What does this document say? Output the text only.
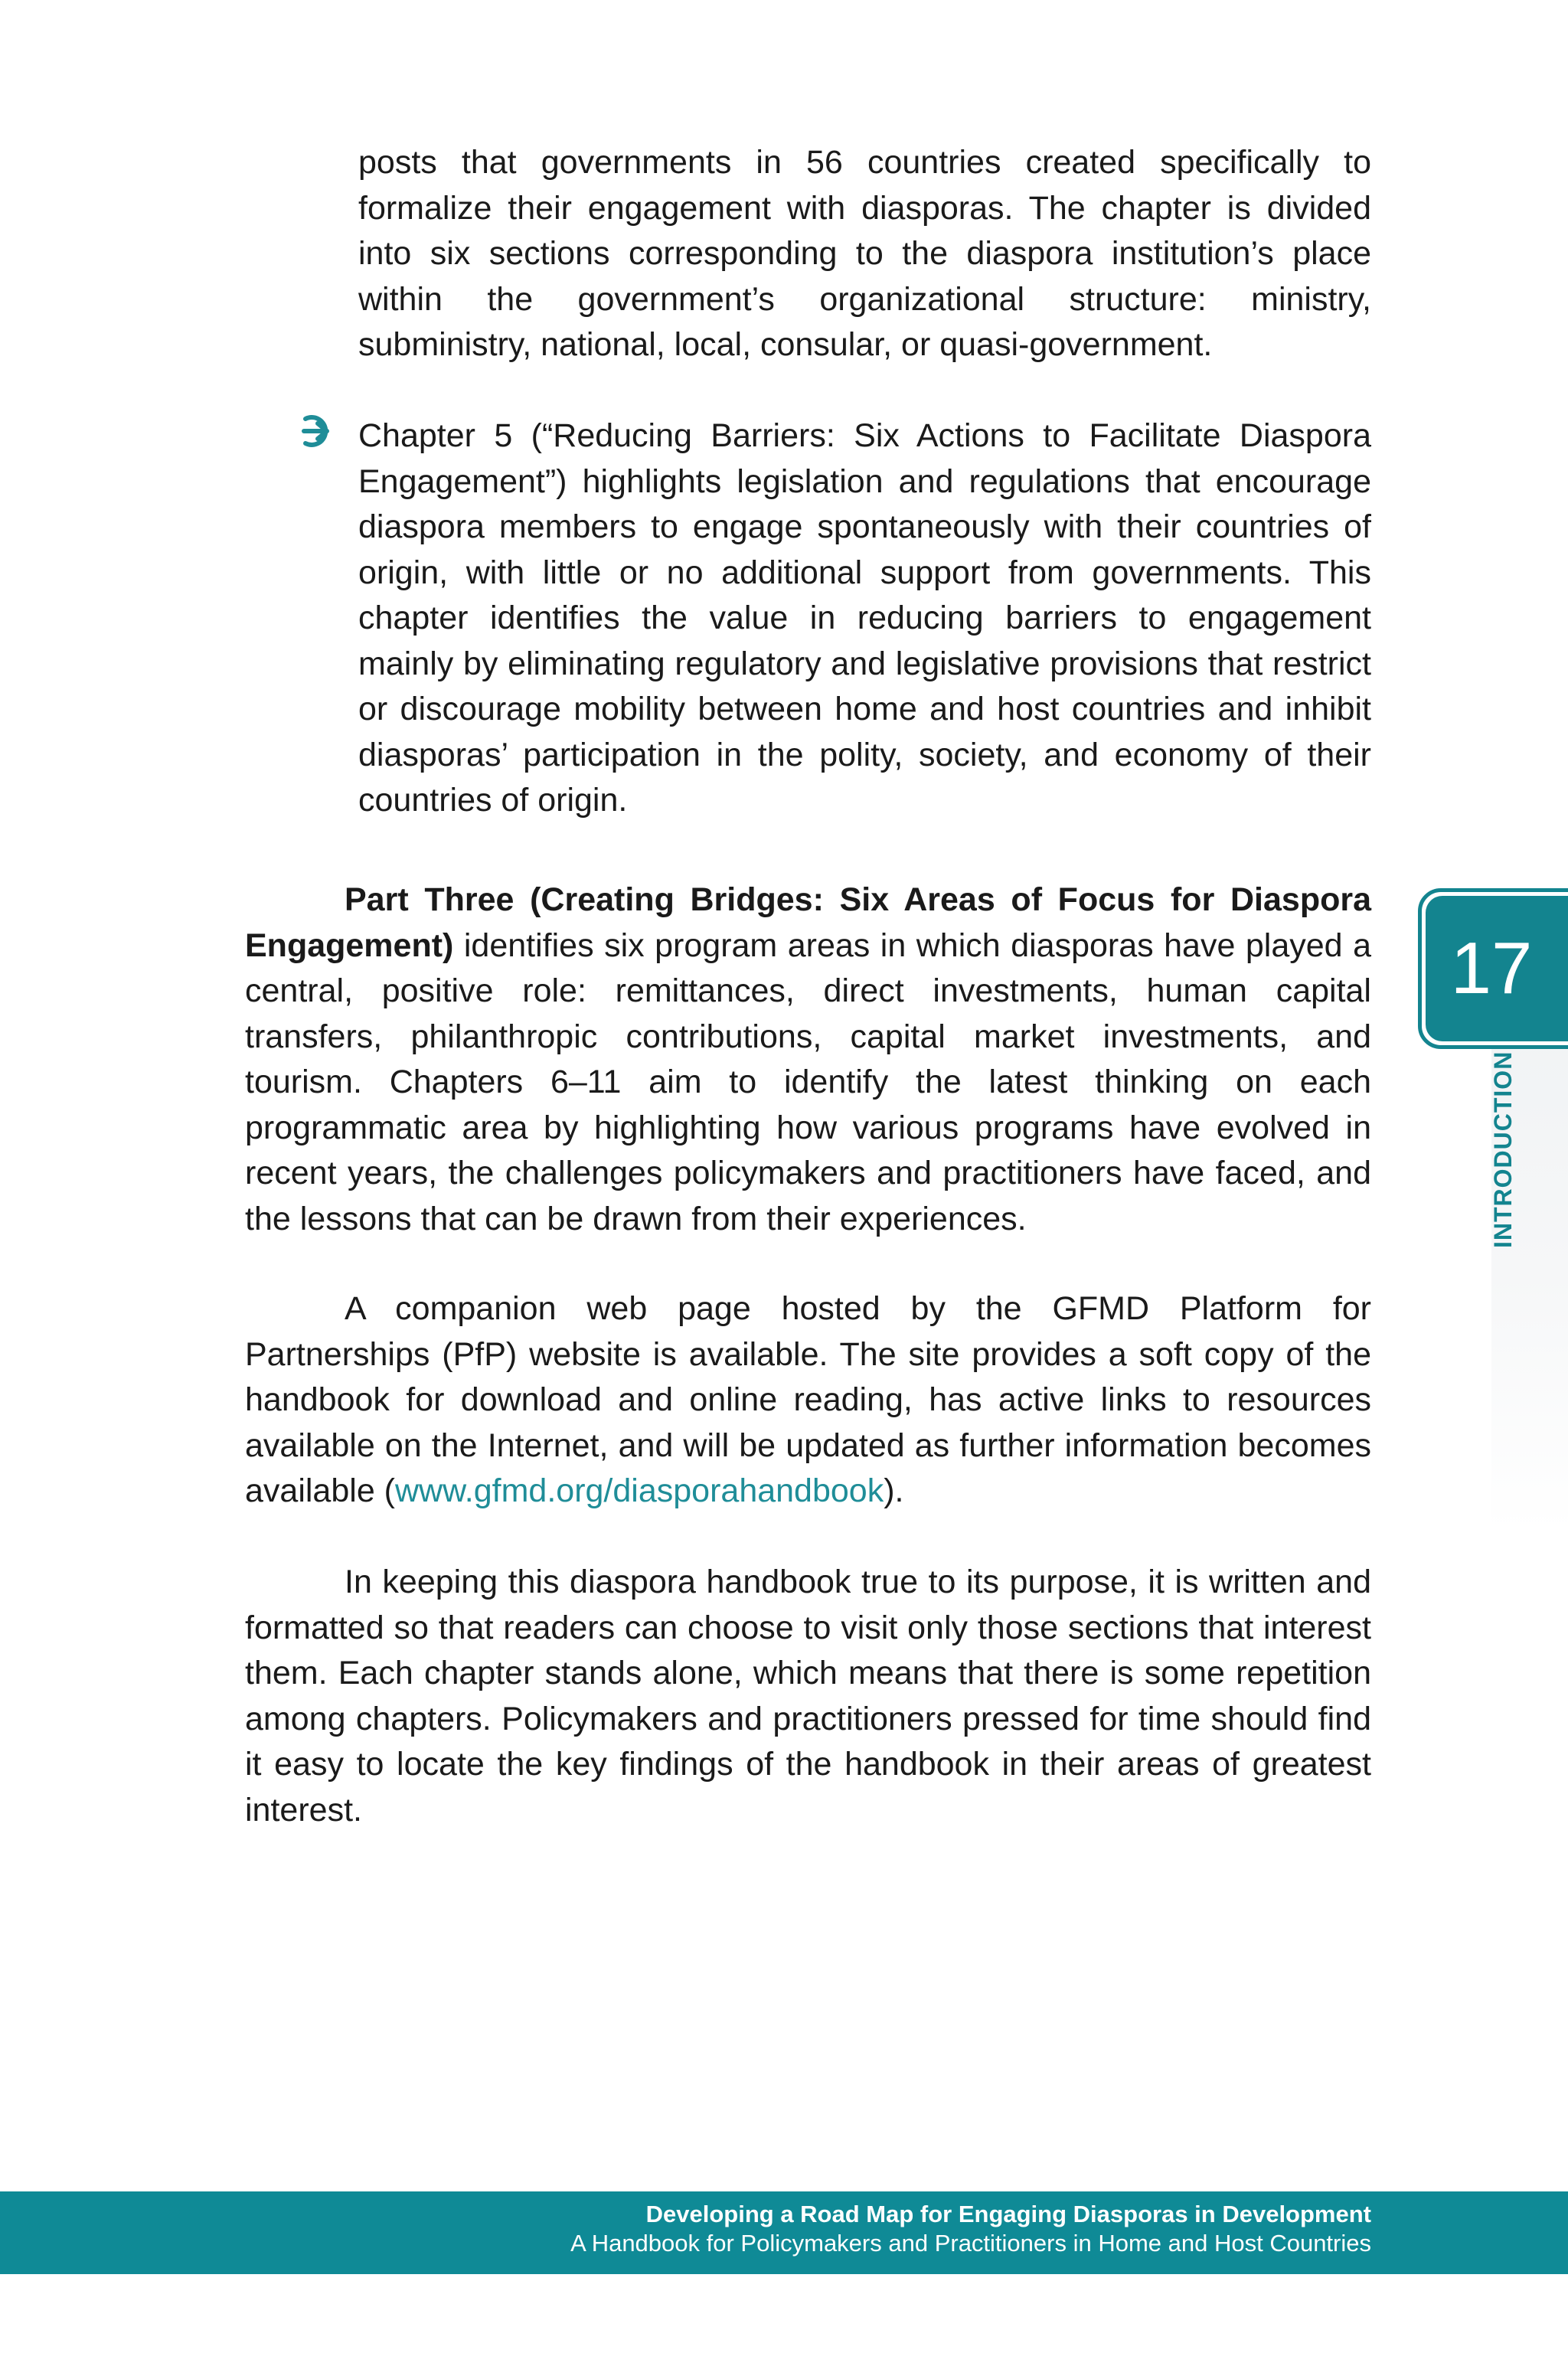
posts that governments in 56 countries created specifically to formalize their engagement with diasporas. The chapter is divided into six sections corresponding to the diaspora institution’s place within the government’s organizational structure: ministry, subministry, national, local, consular, or quasi-government.

Chapter 5 (“Reducing Barriers: Six Actions to Facilitate Diaspora Engagement”) highlights legislation and regulations that encourage diaspora members to engage spontaneously with their countries of origin, with little or no additional support from governments. This chapter identifies the value in reducing barriers to engagement mainly by eliminating regulatory and legislative provisions that restrict or discourage mobility between home and host countries and inhibit diasporas’ participation in the polity, society, and economy of their countries of origin.

Part Three (Creating Bridges: Six Areas of Focus for Diaspora Engagement) identifies six program areas in which diasporas have played a central, positive role: remittances, direct investments, human capital transfers, philanthropic contributions, capital market investments, and tourism. Chapters 6–11 aim to identify the latest thinking on each programmatic area by highlighting how various programs have evolved in recent years, the challenges policymakers and practitioners have faced, and the lessons that can be drawn from their experiences.

A companion web page hosted by the GFMD Platform for Partnerships (PfP) website is available. The site provides a soft copy of the handbook for download and online reading, has active links to resources available on the Internet, and will be updated as further information becomes available (www.gfmd.org/diasporahandbook).

In keeping this diaspora handbook true to its purpose, it is written and formatted so that readers can choose to visit only those sections that interest them. Each chapter stands alone, which means that there is some repetition among chapters. Policymakers and practitioners pressed for time should find it easy to locate the key findings of the handbook in their areas of greatest interest.

17
INTRODUCTION
Developing a Road Map for Engaging Diasporas in Development
A Handbook for Policymakers and Practitioners in Home and Host Countries
